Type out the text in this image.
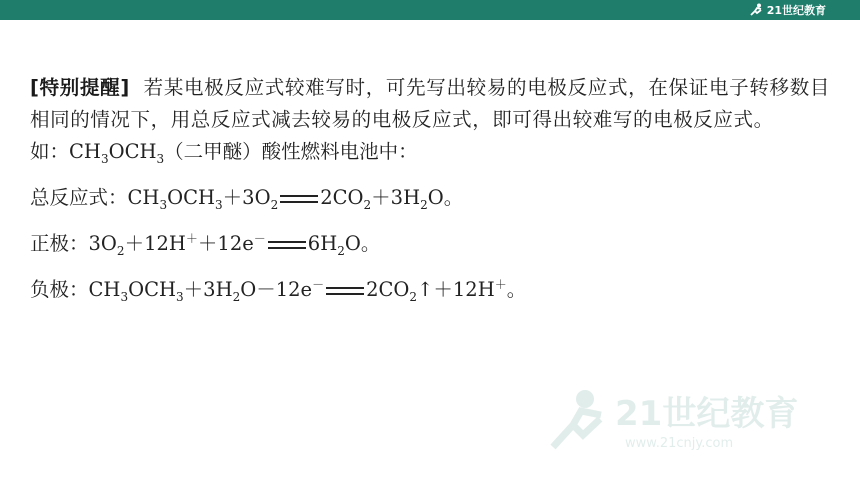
21世纪教育

[特别提醒] 若某电极反应式较难写时，可先写出较易的电极反应式，在保证电子转移数目相同的情况下，用总反应式减去较易的电极反应式，即可得出较难写的电极反应式。

如：$CH_3OCH_3$（二甲醚）酸性燃料电池中：

总反应式：$CH_3OCH_3+3O_2$ $2CO_2+3H_2O$。

正极：$3O_2+12H^++12e^-$ $6H_2O$。

负极：$CH_3OCH_3+3H_2O-12e^-$ $2CO_2↑+12H^+$。

21世纪教育
www.21cnjy.com
